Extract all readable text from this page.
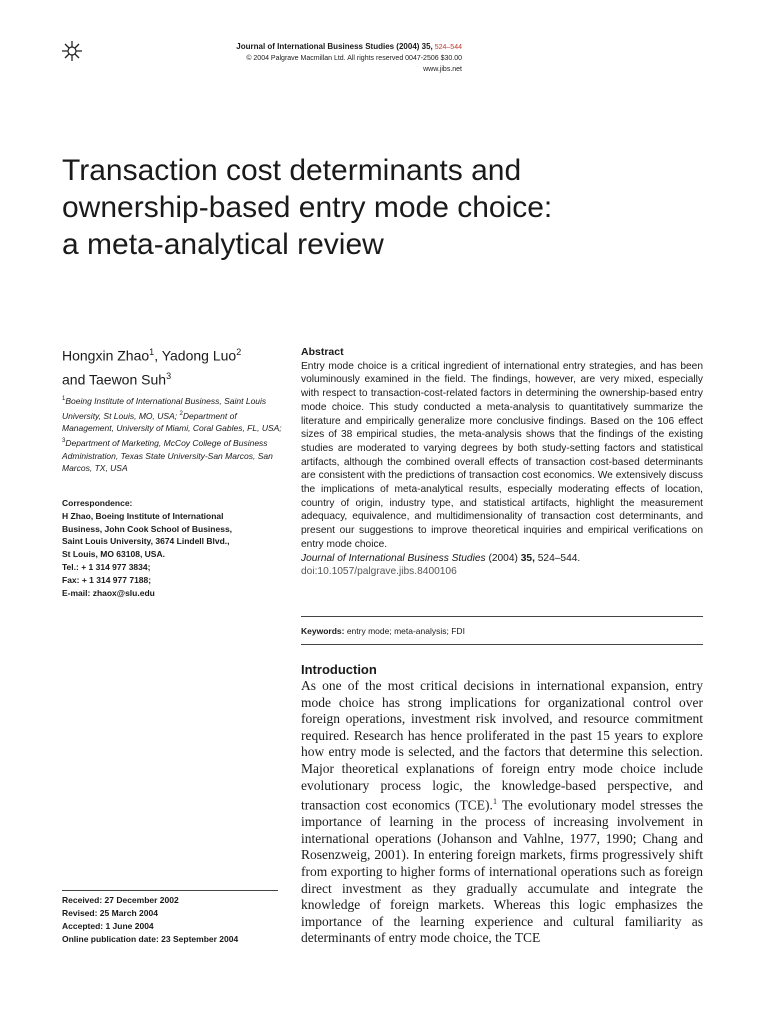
Journal of International Business Studies (2004) 35, 524–544
© 2004 Palgrave Macmillan Ltd. All rights reserved 0047-2506 $30.00
www.jibs.net
Transaction cost determinants and
ownership-based entry mode choice:
a meta-analytical review
Hongxin Zhao$^1$, Yadong Luo$^2$
and Taewon Suh$^3$
$^1$Boeing Institute of International Business, Saint Louis University, St Louis, MO, USA; $^2$Department of Management, University of Miami, Coral Gables, FL, USA; $^3$Department of Marketing, McCoy College of Business Administration, Texas State University-San Marcos, San Marcos, TX, USA
Correspondence:
H Zhao, Boeing Institute of International
Business, John Cook School of Business,
Saint Louis University, 3674 Lindell Blvd.,
St Louis, MO 63108, USA.
Tel.: + 1 314 977 3834;
Fax: + 1 314 977 7188;
E-mail: zhaox@slu.edu
Abstract

Entry mode choice is a critical ingredient of international entry strategies, and has been voluminously examined in the field. The findings, however, are very mixed, especially with respect to transaction-cost-related factors in determining the ownership-based entry mode choice. This study conducted a meta-analysis to quantitatively summarize the literature and empirically generalize more conclusive findings. Based on the 106 effect sizes of 38 empirical studies, the meta-analysis shows that the findings of the existing studies are moderated to varying degrees by both study-setting factors and statistical artifacts, although the combined overall effects of transaction cost-based determinants are consistent with the predictions of transaction cost economics. We extensively discuss the implications of meta-analytical results, especially moderating effects of location, country of origin, industry type, and statistical artifacts, highlight the measurement adequacy, equivalence, and multidimensionality of transaction cost determinants, and present our suggestions to improve theoretical inquiries and empirical verifications on entry mode choice.

Journal of International Business Studies (2004) 35, 524–544.
doi:10.1057/palgrave.jibs.8400106
Keywords: entry mode; meta-analysis; FDI
Introduction

As one of the most critical decisions in international expansion, entry mode choice has strong implications for organizational control over foreign operations, investment risk involved, and resource commitment required. Research has hence proliferated in the past 15 years to explore how entry mode is selected, and the factors that determine this selection. Major theoretical explanations of foreign entry mode choice include evolutionary process logic, the knowledge-based perspective, and transaction cost economics (TCE).$^1$ The evolutionary model stresses the importance of learning in the process of increasing involvement in international operations (Johanson and Vahlne, 1977, 1990; Chang and Rosenzweig, 2001). In entering foreign markets, firms progressively shift from exporting to higher forms of international operations such as foreign direct investment as they gradually accumulate and integrate the knowledge of foreign markets. Whereas this logic emphasizes the importance of the learning experience and cultural familiarity as determinants of entry mode choice, the TCE

Received: 27 December 2002
Revised: 25 March 2004
Accepted: 1 June 2004
Online publication date: 23 September 2004
